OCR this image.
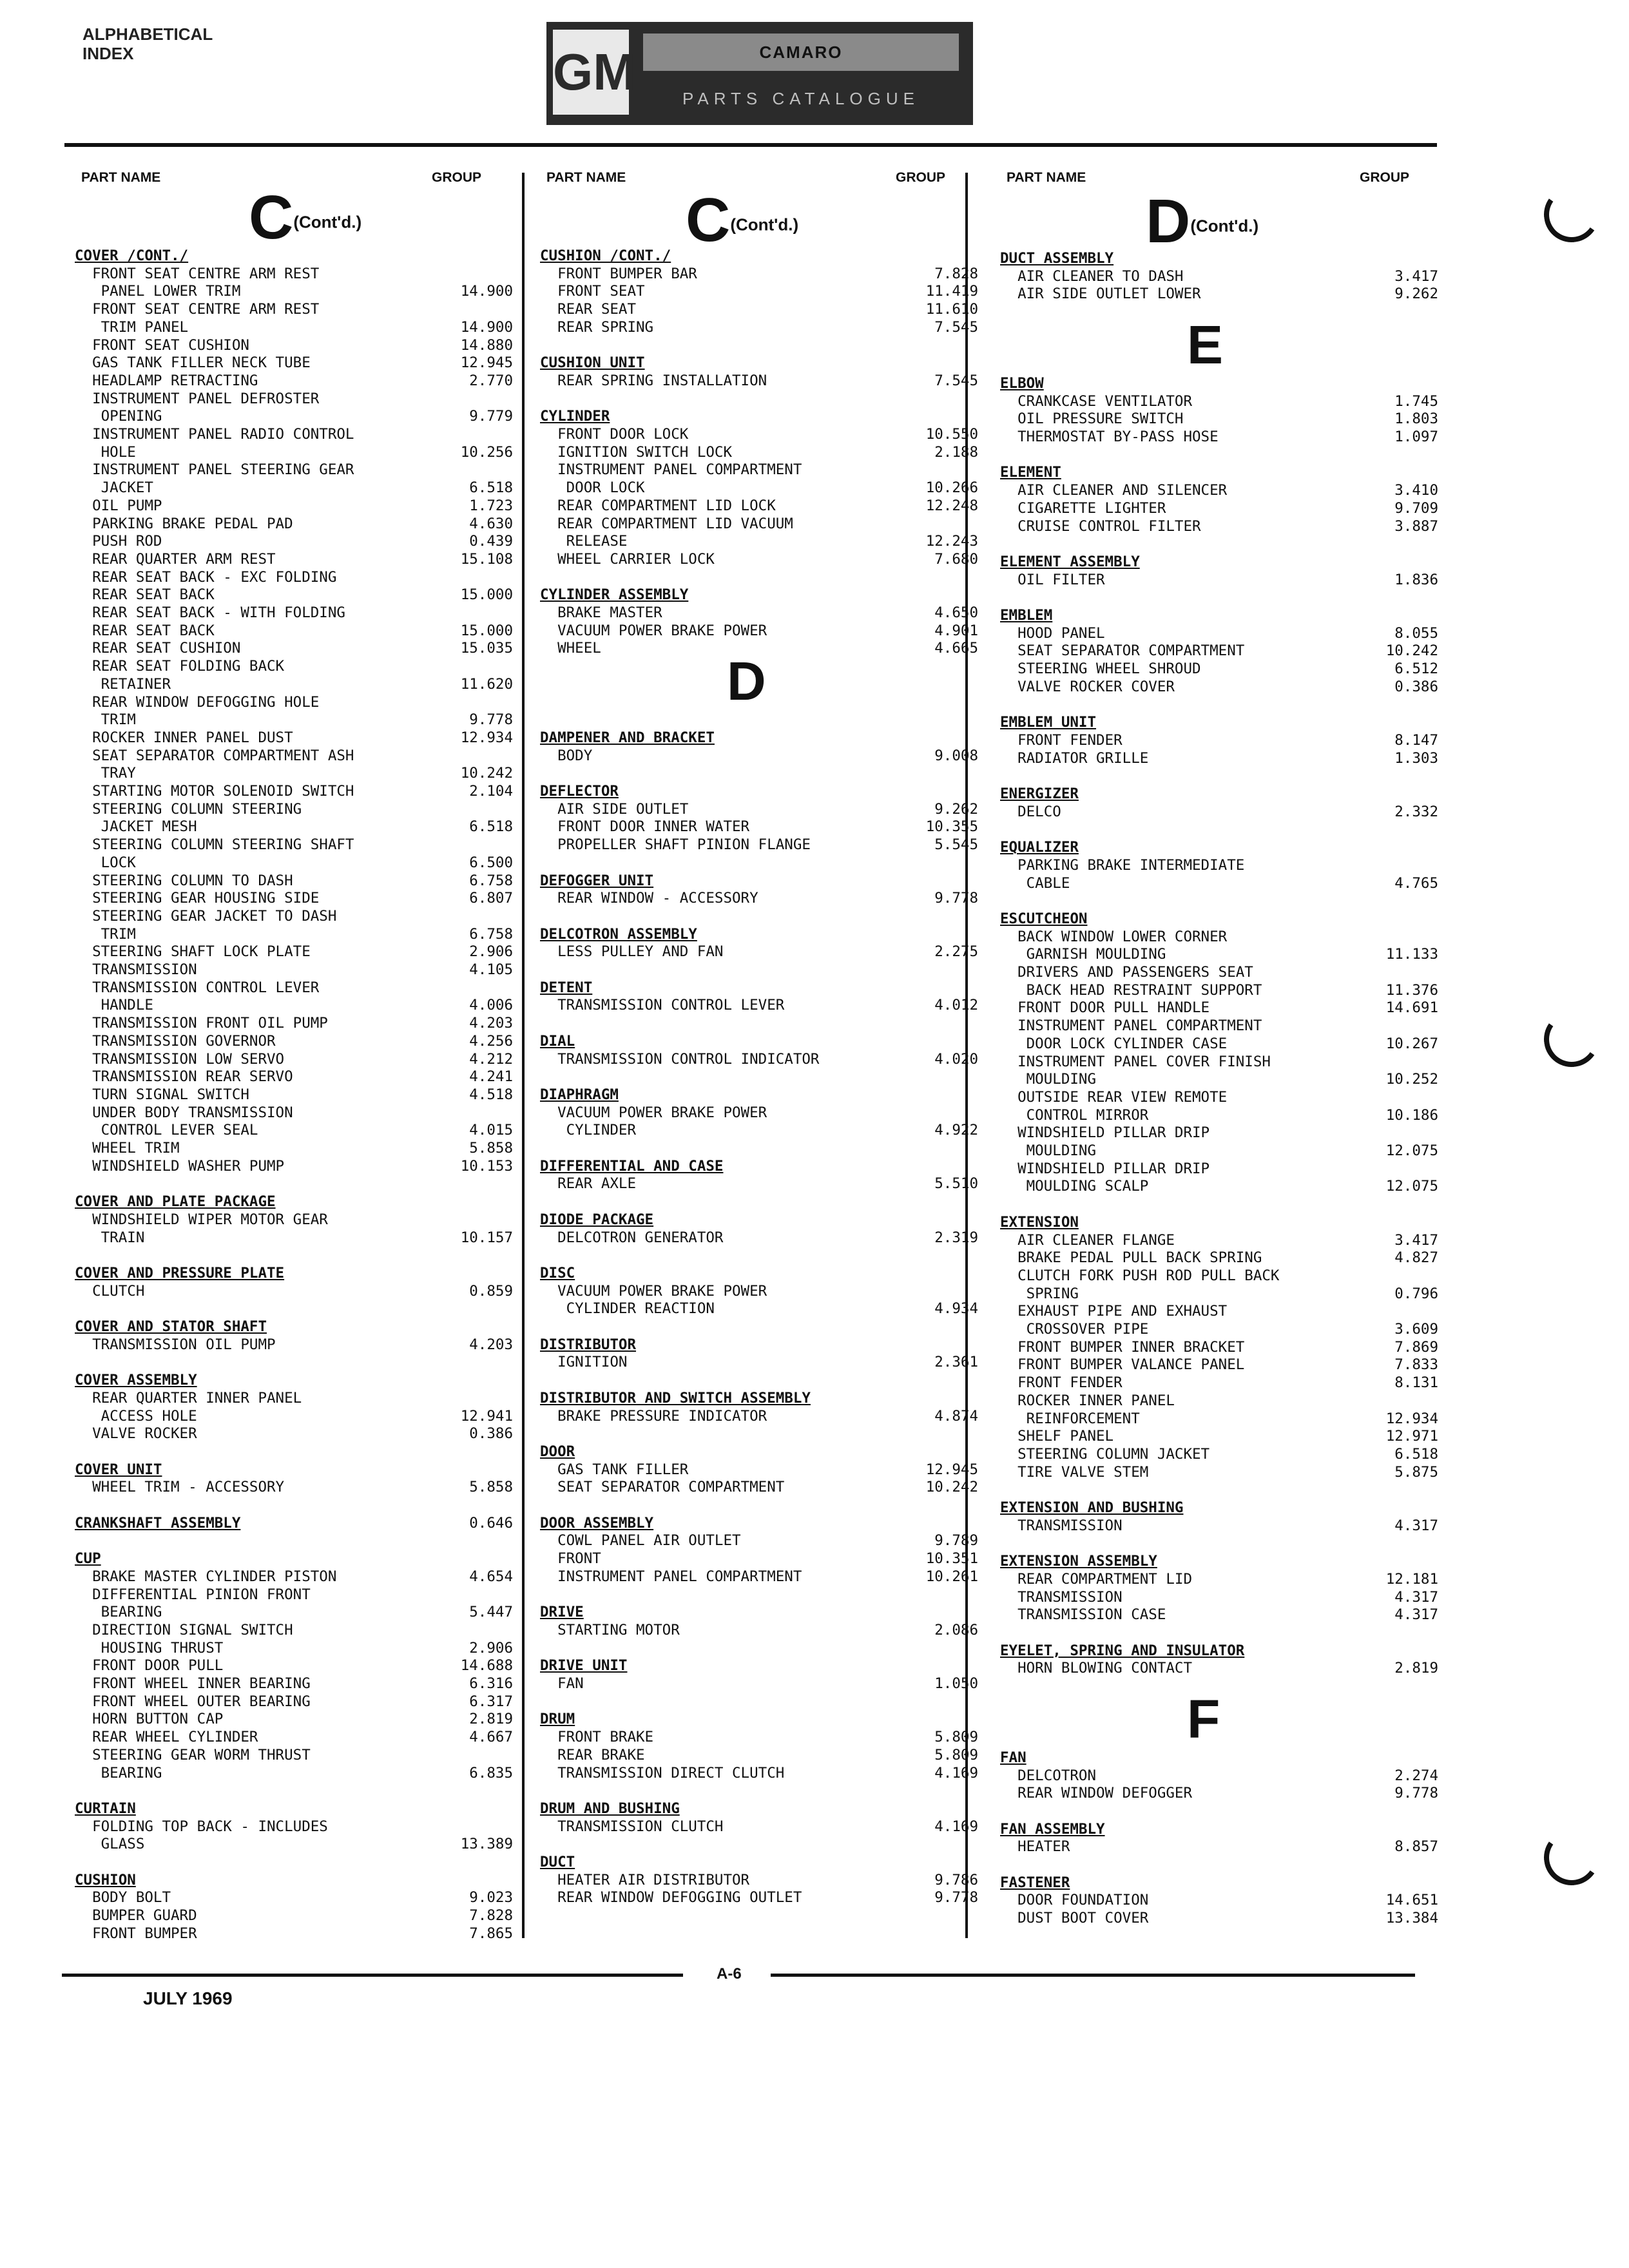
ALPHABETICAL
INDEX	GM	CAMARO
PARTS CATALOGUE
PART NAME	GROUP	PART NAME	GROUP	PART NAME	GROUP
C(Cont'd.)	C(Cont'd.)	D(Cont'd.)
COVER /CONT./
FRONT SEAT CENTRE ARM REST
PANEL LOWER TRIM	14.900
FRONT SEAT CENTRE ARM REST
TRIM PANEL	14.900
FRONT SEAT CUSHION	14.880
GAS TANK FILLER NECK TUBE	12.945
HEADLAMP RETRACTING	2.770
INSTRUMENT PANEL DEFROSTER
OPENING	9.779
INSTRUMENT PANEL RADIO CONTROL
HOLE	10.256
INSTRUMENT PANEL STEERING GEAR
JACKET	6.518
OIL PUMP	1.723
PARKING BRAKE PEDAL PAD	4.630
PUSH ROD	0.439
REAR QUARTER ARM REST	15.108
REAR SEAT BACK - EXC FOLDING
REAR SEAT BACK	15.000
REAR SEAT BACK - WITH FOLDING
REAR SEAT BACK	15.000
REAR SEAT CUSHION	15.035
REAR SEAT FOLDING BACK
RETAINER	11.620
REAR WINDOW DEFOGGING HOLE
TRIM	9.778
ROCKER INNER PANEL DUST	12.934
SEAT SEPARATOR COMPARTMENT ASH
TRAY	10.242
STARTING MOTOR SOLENOID SWITCH	2.104
STEERING COLUMN STEERING
JACKET MESH	6.518
STEERING COLUMN STEERING SHAFT
LOCK	6.500
STEERING COLUMN TO DASH	6.758
STEERING GEAR HOUSING SIDE	6.807
STEERING GEAR JACKET TO DASH
TRIM	6.758
STEERING SHAFT LOCK PLATE	2.906
TRANSMISSION	4.105
TRANSMISSION CONTROL LEVER
HANDLE	4.006
TRANSMISSION FRONT OIL PUMP	4.203
TRANSMISSION GOVERNOR	4.256
TRANSMISSION LOW SERVO	4.212
TRANSMISSION REAR SERVO	4.241
TURN SIGNAL SWITCH	4.518
UNDER BODY TRANSMISSION
CONTROL LEVER SEAL	4.015
WHEEL TRIM	5.858
WINDSHIELD WASHER PUMP	10.153
COVER AND PLATE PACKAGE
WINDSHIELD WIPER MOTOR GEAR
TRAIN	10.157
COVER AND PRESSURE PLATE
CLUTCH	0.859
COVER AND STATOR SHAFT
TRANSMISSION OIL PUMP	4.203
COVER ASSEMBLY
REAR QUARTER INNER PANEL
ACCESS HOLE	12.941
VALVE ROCKER	0.386
COVER UNIT
WHEEL TRIM - ACCESSORY	5.858
CRANKSHAFT ASSEMBLY	0.646
CUP
BRAKE MASTER CYLINDER PISTON	4.654
DIFFERENTIAL PINION FRONT
BEARING	5.447
DIRECTION SIGNAL SWITCH
HOUSING THRUST	2.906
FRONT DOOR PULL	14.688
FRONT WHEEL INNER BEARING	6.316
FRONT WHEEL OUTER BEARING	6.317
HORN BUTTON CAP	2.819
REAR WHEEL CYLINDER	4.667
STEERING GEAR WORM THRUST
BEARING	6.835
CURTAIN
FOLDING TOP BACK - INCLUDES
GLASS	13.389
CUSHION
BODY BOLT	9.023
BUMPER GUARD	7.828
FRONT BUMPER	7.865
CUSHION /CONT./
FRONT BUMPER BAR	7.828
FRONT SEAT	11.419
REAR SEAT	11.610
REAR SPRING	7.545
CUSHION UNIT
REAR SPRING INSTALLATION	7.545
CYLINDER
FRONT DOOR LOCK	10.550
IGNITION SWITCH LOCK	2.188
INSTRUMENT PANEL COMPARTMENT
DOOR LOCK	10.266
REAR COMPARTMENT LID LOCK	12.248
REAR COMPARTMENT LID VACUUM
RELEASE	12.243
WHEEL CARRIER LOCK	7.680
CYLINDER ASSEMBLY
BRAKE MASTER	4.650
VACUUM POWER BRAKE POWER	4.901
WHEEL	4.665
D
DAMPENER AND BRACKET
BODY	9.008
DEFLECTOR
AIR SIDE OUTLET	9.262
FRONT DOOR INNER WATER	10.355
PROPELLER SHAFT PINION FLANGE	5.545
DEFOGGER UNIT
REAR WINDOW - ACCESSORY	9.778
DELCOTRON ASSEMBLY
LESS PULLEY AND FAN	2.275
DETENT
TRANSMISSION CONTROL LEVER	4.012
DIAL
TRANSMISSION CONTROL INDICATOR	4.020
DIAPHRAGM
VACUUM POWER BRAKE POWER
CYLINDER	4.922
DIFFERENTIAL AND CASE
REAR AXLE	5.510
DIODE PACKAGE
DELCOTRON GENERATOR	2.319
DISC
VACUUM POWER BRAKE POWER
CYLINDER REACTION	4.934
DISTRIBUTOR
IGNITION	2.361
DISTRIBUTOR AND SWITCH ASSEMBLY
BRAKE PRESSURE INDICATOR	4.874
DOOR
GAS TANK FILLER	12.945
SEAT SEPARATOR COMPARTMENT	10.242
DOOR ASSEMBLY
COWL PANEL AIR OUTLET	9.789
FRONT	10.351
INSTRUMENT PANEL COMPARTMENT	10.261
DRIVE
STARTING MOTOR	2.086
DRIVE UNIT
FAN	1.050
DRUM
FRONT BRAKE	5.809
REAR BRAKE	5.809
TRANSMISSION DIRECT CLUTCH	4.169
DRUM AND BUSHING
TRANSMISSION CLUTCH	4.169
DUCT
HEATER AIR DISTRIBUTOR	9.786
REAR WINDOW DEFOGGING OUTLET	9.778
DUCT ASSEMBLY
AIR CLEANER TO DASH	3.417
AIR SIDE OUTLET LOWER	9.262
E
ELBOW
CRANKCASE VENTILATOR	1.745
OIL PRESSURE SWITCH	1.803
THERMOSTAT BY-PASS HOSE	1.097
ELEMENT
AIR CLEANER AND SILENCER	3.410
CIGARETTE LIGHTER	9.709
CRUISE CONTROL FILTER	3.887
ELEMENT ASSEMBLY
OIL FILTER	1.836
EMBLEM
HOOD PANEL	8.055
SEAT SEPARATOR COMPARTMENT	10.242
STEERING WHEEL SHROUD	6.512
VALVE ROCKER COVER	0.386
EMBLEM UNIT
FRONT FENDER	8.147
RADIATOR GRILLE	1.303
ENERGIZER
DELCO	2.332
EQUALIZER
PARKING BRAKE INTERMEDIATE
CABLE	4.765
ESCUTCHEON
BACK WINDOW LOWER CORNER
GARNISH MOULDING	11.133
DRIVERS AND PASSENGERS SEAT
BACK HEAD RESTRAINT SUPPORT	11.376
FRONT DOOR PULL HANDLE	14.691
INSTRUMENT PANEL COMPARTMENT
DOOR LOCK CYLINDER CASE	10.267
INSTRUMENT PANEL COVER FINISH
MOULDING	10.252
OUTSIDE REAR VIEW REMOTE
CONTROL MIRROR	10.186
WINDSHIELD PILLAR DRIP
MOULDING	12.075
WINDSHIELD PILLAR DRIP
MOULDING SCALP	12.075
EXTENSION
AIR CLEANER FLANGE	3.417
BRAKE PEDAL PULL BACK SPRING	4.827
CLUTCH FORK PUSH ROD PULL BACK
SPRING	0.796
EXHAUST PIPE AND EXHAUST
CROSSOVER PIPE	3.609
FRONT BUMPER INNER BRACKET	7.869
FRONT BUMPER VALANCE PANEL	7.833
FRONT FENDER	8.131
ROCKER INNER PANEL
REINFORCEMENT	12.934
SHELF PANEL	12.971
STEERING COLUMN JACKET	6.518
TIRE VALVE STEM	5.875
EXTENSION AND BUSHING
TRANSMISSION	4.317
EXTENSION ASSEMBLY
REAR COMPARTMENT LID	12.181
TRANSMISSION	4.317
TRANSMISSION CASE	4.317
EYELET, SPRING AND INSULATOR
HORN BLOWING CONTACT	2.819
F
FAN
DELCOTRON	2.274
REAR WINDOW DEFOGGER	9.778
FAN ASSEMBLY
HEATER	8.857
FASTENER
DOOR FOUNDATION	14.651
DUST BOOT COVER	13.384
A-6
JULY 1969
